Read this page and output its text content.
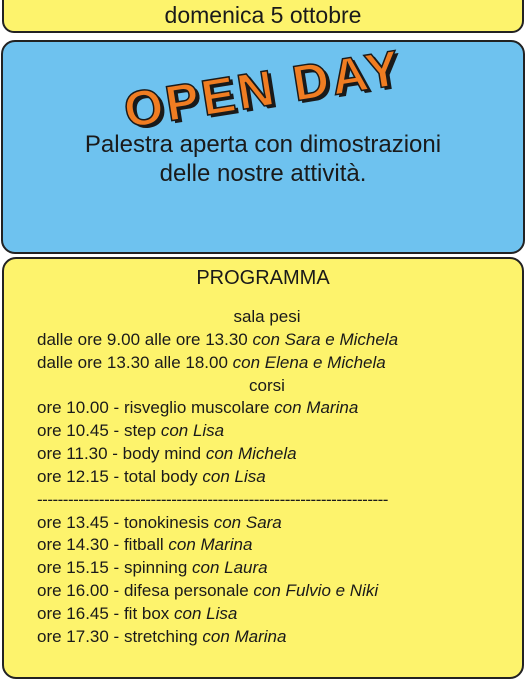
domenica 5 ottobre
OPEN DAY
Palestra aperta con dimostrazioni
delle nostre attività.
PROGRAMMA
sala pesi
dalle ore 9.00 alle ore 13.30 con Sara e Michela
dalle ore 13.30 alle 18.00 con Elena e Michela
corsi
ore 10.00 - risveglio muscolare con Marina
ore 10.45 - step con Lisa
ore 11.30 - body mind con Michela
ore 12.15 - total body con Lisa
--------------------------------------------------------------------
ore 13.45 - tonokinesis con Sara
ore 14.30 - fitball con Marina
ore 15.15 - spinning con Laura
ore 16.00 - difesa personale con Fulvio e Niki
ore 16.45 - fit box con Lisa
ore 17.30 - stretching con Marina
